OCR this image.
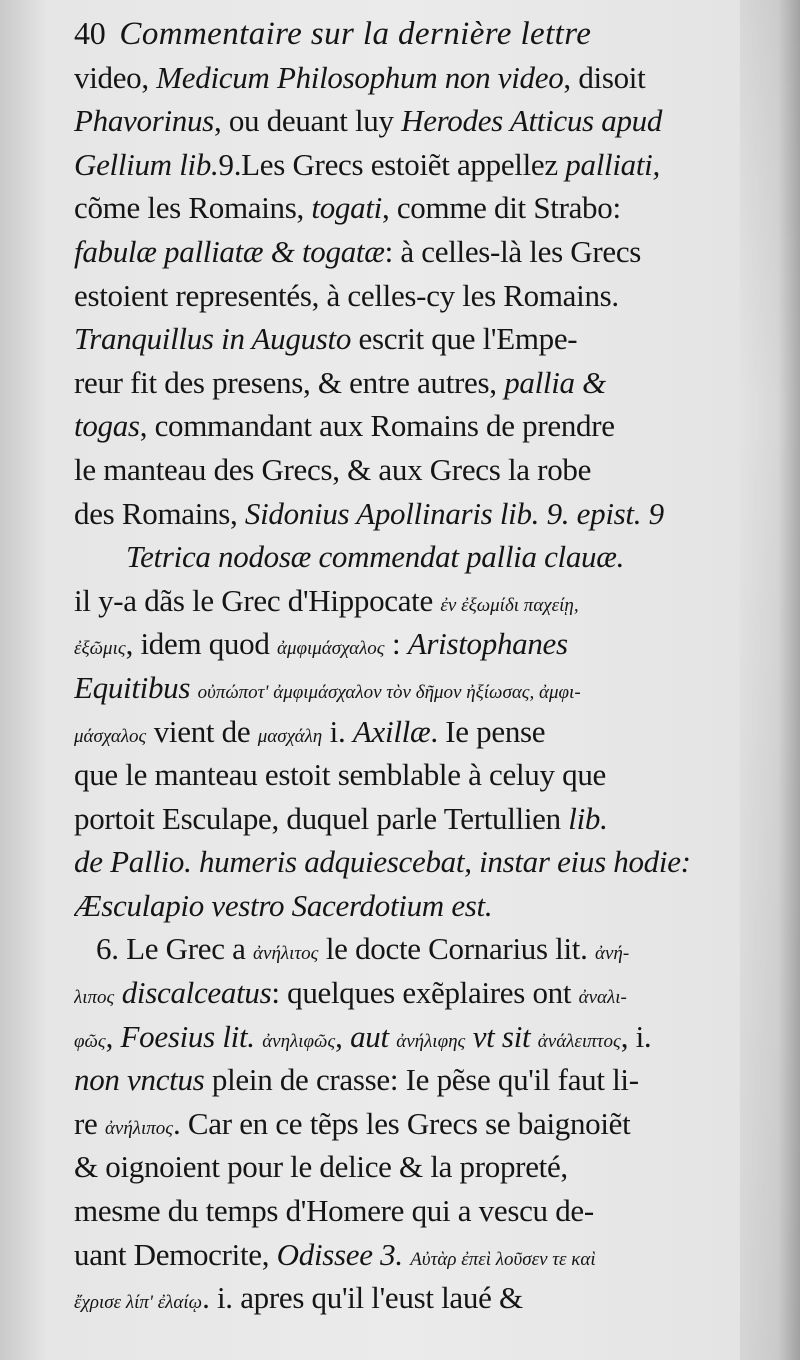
40 Commentaire sur la dernière lettre
video, Medicum Philosophum non video, disoit
Phavorinus, ou deuant luy Herodes Atticus apud
Gellium lib.9.Les Grecs estoiẽt appellez palliati,
cõme les Romains, togati, comme dit Strabo:
fabulæ palliatæ & togatæ: à celles-là les Grecs
estoient representés, à celles-cy les Romains.
Tranquillus in Augusto escrit que l'Empe-
reur fit des presens, & entre autres, pallia &
togas, commandant aux Romains de prendre
le manteau des Grecs, & aux Grecs la robe
des Romains, Sidonius Apollinaris lib. 9. epist. 9
Tetrica nodosæ commendat pallia clauæ.
il y-a dãs le Grec d'Hippocate ἐν ἐξωμίδι παχείῃ,
ἐξῶμις, idem quod ἀμφιμάσχαλος : Aristophanes
Equitibus οὐπώποτ' ἀμφιμάσχαλον τὸν δῆμον ἠξίωσας, ἀμφι-
μάσχαλος vient de μασχάλη i. Axillæ. Ie pense
que le manteau estoit semblable à celuy que
portoit Esculape, duquel parle Tertullien lib.
de Pallio. humeris adquiescebat, instar eius hodie:
Æsculapio vestro Sacerdotium est.
6. Le Grec a ἀνήλιτος le docte Cornarius lit. ἀνή-
λιπος discalceatus: quelques exẽplaires ont ἀναλι-
φῶς, Foesius lit. ἀνηλιφῶς, aut ἀνήλιφης vt sit ἀνάλειπτος, i.
non vnctus plein de crasse: Ie pẽse qu'il faut li-
re ἀνήλιπος. Car en ce tẽps les Grecs se baignoiẽt
& oignoient pour le delice & la propreté,
mesme du temps d'Homere qui a vescu de-
uant Democrite, Odissee 3. Αὐτὰρ ἐπεὶ λοῦσεν τε καὶ
ἔχρισε λίπ' ἐλαίῳ. i. apres qu'il l'eust laué &
